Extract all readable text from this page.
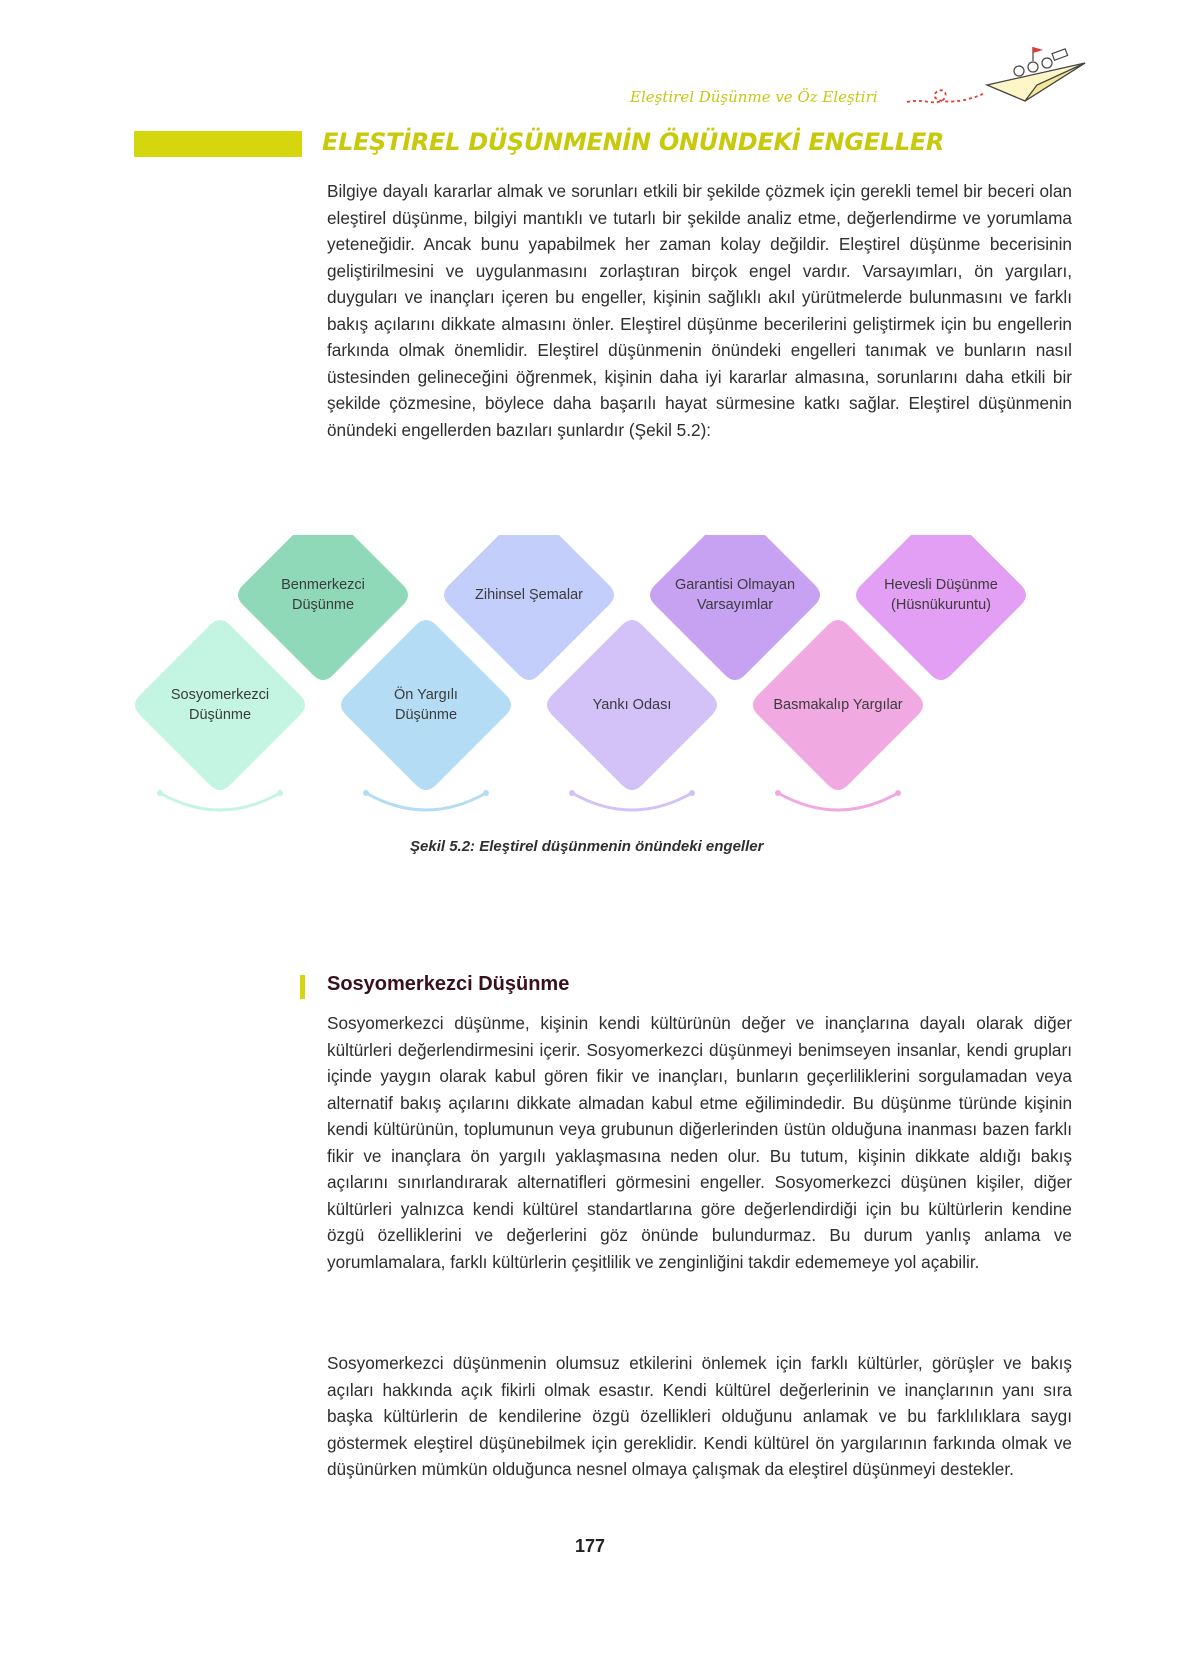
Eleştirel Düşünme ve Öz Eleştiri
ELEŞTİREL DÜŞÜNMENİN ÖNÜNDEKİ ENGELLER

Bilgiye dayalı kararlar almak ve sorunları etkili bir şekilde çözmek için gerekli temel bir beceri olan eleştirel düşünme, bilgiyi mantıklı ve tutarlı bir şekilde analiz etme, değerlendirme ve yorumlama yeteneğidir. Ancak bunu yapabilmek her zaman kolay değildir. Eleştirel düşünme becerisinin geliştirilmesini ve uygulanmasını zorlaştıran birçok engel vardır. Varsayımları, ön yargıları, duyguları ve inançları içeren bu engeller, kişinin sağlıklı akıl yürütmelerde bulunmasını ve farklı bakış açılarını dikkate almasını önler. Eleştirel düşünme becerilerini geliştirmek için bu engellerin farkında olmak önemlidir. Eleştirel düşünmenin önündeki engelleri tanımak ve bunların nasıl üstesinden gelineceğini öğrenmek, kişinin daha iyi kararlar almasına, sorunlarını daha etkili bir şekilde çözmesine, böylece daha başarılı hayat sürmesine katkı sağlar. Eleştirel düşünmenin önündeki engellerden bazıları şunlardır (Şekil 5.2):

Sosyomerkezci
Düşünme
Benmerkezci
Düşünme
Ön Yargılı
Düşünme
Zihinsel Şemalar
Yankı Odası
Garantisi Olmayan
Varsayımlar
Basmakalıp Yargılar
Hevesli Düşünme
(Hüsnükuruntu)
Şekil 5.2: Eleştirel düşünmenin önündeki engeller
Sosyomerkezci Düşünme

Sosyomerkezci düşünme, kişinin kendi kültürünün değer ve inançlarına dayalı olarak diğer kültürleri değerlendirmesini içerir. Sosyomerkezci düşünmeyi benimseyen insanlar, kendi grupları içinde yaygın olarak kabul gören fikir ve inançları, bunların geçerliliklerini sorgulamadan veya alternatif bakış açılarını dikkate almadan kabul etme eğilimindedir. Bu düşünme türünde kişinin kendi kültürünün, toplumunun veya grubunun diğerlerinden üstün olduğuna inanması bazen farklı fikir ve inançlara ön yargılı yaklaşmasına neden olur. Bu tutum, kişinin dikkate aldığı bakış açılarını sınırlandırarak alternatifleri görmesini engeller. Sosyomerkezci düşünen kişiler, diğer kültürleri yalnızca kendi kültürel standartlarına göre değerlendirdiği için bu kültürlerin kendine özgü özelliklerini ve değerlerini göz önünde bulundurmaz. Bu durum yanlış anlama ve yorumlamalara, farklı kültürlerin çeşitlilik ve zenginliğini takdir edememeye yol açabilir.

Sosyomerkezci düşünmenin olumsuz etkilerini önlemek için farklı kültürler, görüşler ve bakış açıları hakkında açık fikirli olmak esastır. Kendi kültürel değerlerinin ve inançlarının yanı sıra başka kültürlerin de kendilerine özgü özellikleri olduğunu anlamak ve bu farklılıklara saygı göstermek eleştirel düşünebilmek için gereklidir. Kendi kültürel ön yargılarının farkında olmak ve düşünürken mümkün olduğunca nesnel olmaya çalışmak da eleştirel düşünmeyi destekler.

177
